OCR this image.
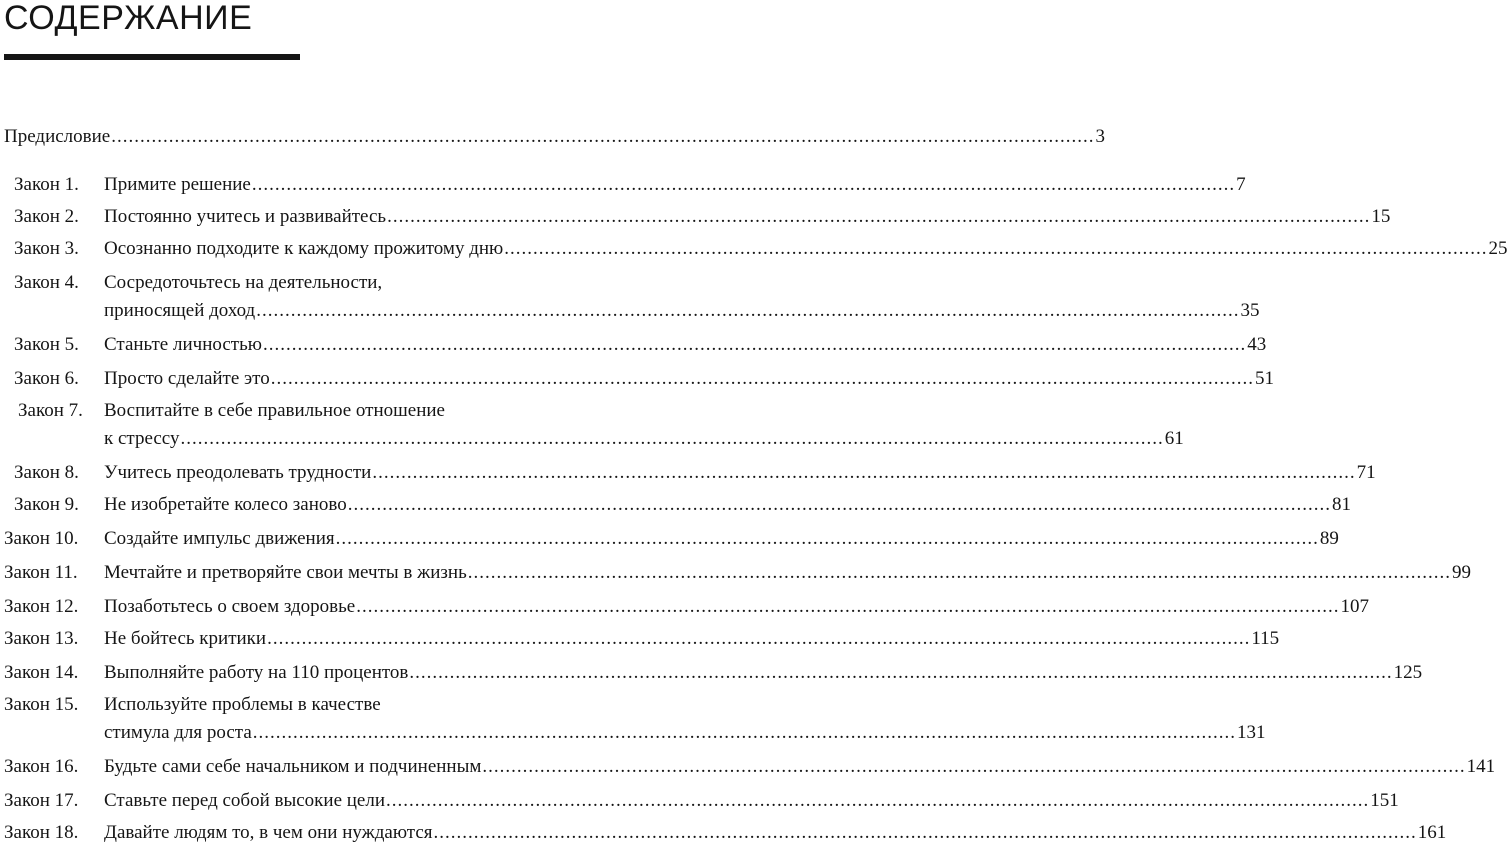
СОДЕРЖАНИЕ
Предисловие ........................................................................................................................................................................... 3
Закон 1. Примите решение ........................................................................................................................................................................... 7
Закон 2. Постоянно учитесь и развивайтесь ........................................................................................................................................................................... 15
Закон 3. Осознанно подходите к каждому прожитому дню ........................................................................................................................................................................... 25
Закон 4. Сосредоточьтесь на деятельности,
приносящей доход ........................................................................................................................................................................... 35
Закон 5. Станьте личностью ........................................................................................................................................................................... 43
Закон 6. Просто сделайте это ........................................................................................................................................................................... 51
Закон 7. Воспитайте в себе правильное отношение
к стрессу ........................................................................................................................................................................... 61
Закон 8. Учитесь преодолевать трудности ........................................................................................................................................................................... 71
Закон 9. Не изобретайте колесо заново ........................................................................................................................................................................... 81
Закон 10. Создайте импульс движения ........................................................................................................................................................................... 89
Закон 11. Мечтайте и претворяйте свои мечты в жизнь ........................................................................................................................................................................... 99
Закон 12. Позаботьтесь о своем здоровье ........................................................................................................................................................................... 107
Закон 13. Не бойтесь критики ........................................................................................................................................................................... 115
Закон 14. Выполняйте работу на 110 процентов ........................................................................................................................................................................... 125
Закон 15. Используйте проблемы в качестве
стимула для роста ........................................................................................................................................................................... 131
Закон 16. Будьте сами себе начальником и подчиненным ........................................................................................................................................................................... 141
Закон 17. Ставьте перед собой высокие цели ........................................................................................................................................................................... 151
Закон 18. Давайте людям то, в чем они нуждаются ........................................................................................................................................................................... 161
